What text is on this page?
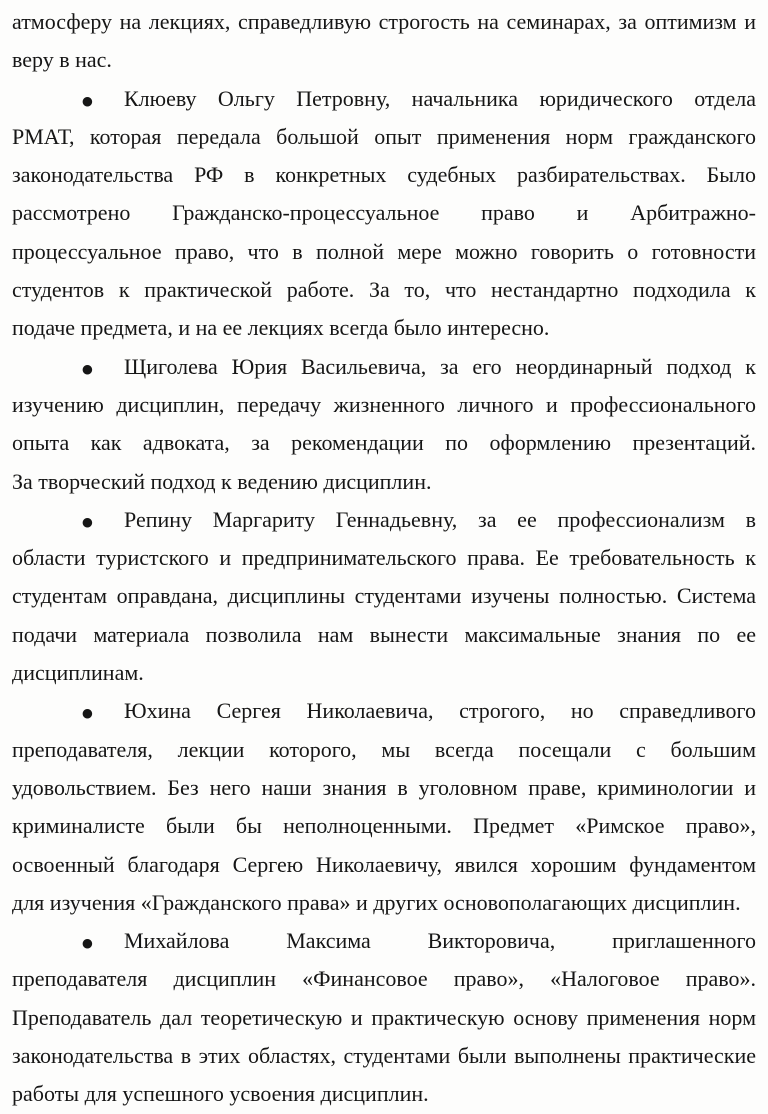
атмосферу на лекциях, справедливую строгость на семинарах, за оптимизм и
веру в нас.
● Клюеву Ольгу Петровну, начальника юридического отдела
РМАТ, которая передала большой опыт применения норм гражданского
законодательства РФ в конкретных судебных разбирательствах. Было
рассмотрено Гражданско-процессуальное право и Арбитражно-
процессуальное право, что в полной мере можно говорить о готовности
студентов к практической работе. За то, что нестандартно подходила к
подаче предмета, и на ее лекциях всегда было интересно.
● Щиголева Юрия Васильевича, за его неординарный подход к
изучению дисциплин, передачу жизненного личного и профессионального
опыта как адвоката, за рекомендации по оформлению презентаций.
За творческий подход к ведению дисциплин.
● Репину Маргариту Геннадьевну, за ее профессионализм в
области туристского и предпринимательского права. Ее требовательность к
студентам оправдана, дисциплины студентами изучены полностью. Система
подачи материала позволила нам вынести максимальные знания по ее
дисциплинам.
● Юхина Сергея Николаевича, строгого, но справедливого
преподавателя, лекции которого, мы всегда посещали с большим
удовольствием. Без него наши знания в уголовном праве, криминологии и
криминалисте были бы неполноценными. Предмет «Римское право»,
освоенный благодаря Сергею Николаевичу, явился хорошим фундаментом
для изучения «Гражданского права» и других основополагающих дисциплин.
● Михайлова Максима Викторовича, приглашенного
преподавателя дисциплин «Финансовое право», «Налоговое право».
Преподаватель дал теоретическую и практическую основу применения норм
законодательства в этих областях, студентами были выполнены практические
работы для успешного усвоения дисциплин.
